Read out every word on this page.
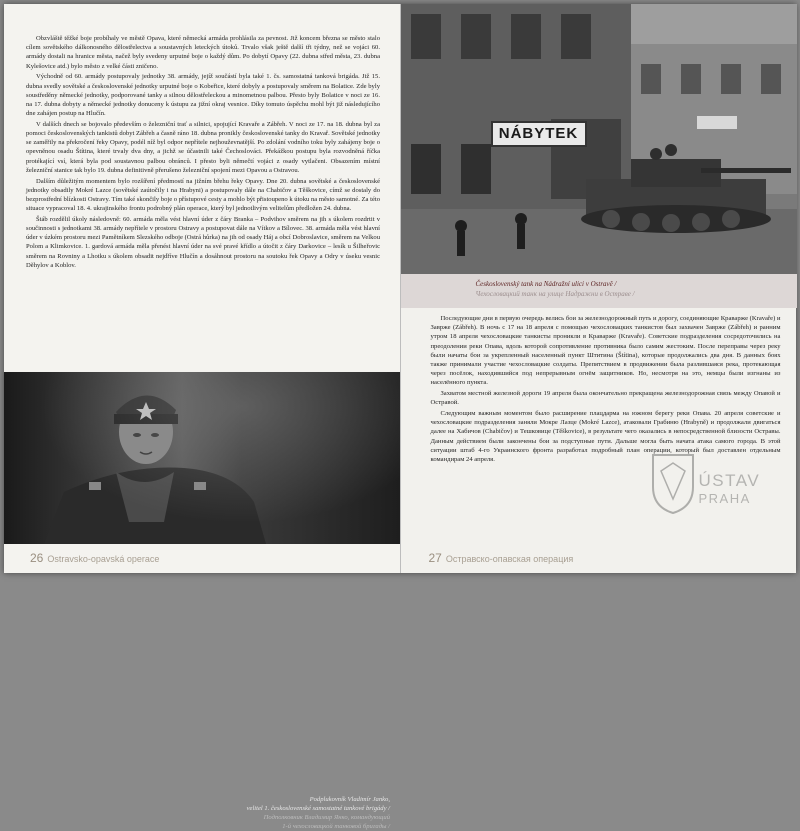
Obzvláště těžké boje probíhaly ve městě Opava, které německá armáda prohlásila za pevnost. Již koncem března se město stalo cílem sovětského dálkonosného dělostřelectva a soustavných leteckých útoků. Trvalo však ještě další tři týdny, než se vojáci 60. armády dostali na hranice města, načež byly svedeny urputné boje o každý dům. Po dobytí Opavy (22. dubna střed města, 23. dubna Kylešovice atd.) bylo město z velké části zničeno.

Východně od 60. armády postupovaly jednotky 38. armády, jejíž součástí byla také 1. čs. samostatná tanková brigáda. Již 15. dubna svedly sovětské a československé jednotky urputné boje o Kobeřice, které dobyly a postupovaly směrem na Bolatice. Zde byly soustředěny německé jednotky, podporované tanky a silnou dělostřeleckou a minometnou palbou. Přesto byly Bolatice v noci ze 16. na 17. dubna dobyty a německé jednotky donuceny k ústupu za jižní okraj vesnice. Díky tomuto úspěchu mohl být již následujícího dne zahájen postup na Hlučín.

V dalších dnech se bojovalo především o železniční trať a silnici, spojující Kravaře a Zábřeh. V noci ze 17. na 18. dubna byl za pomoci československých tankistů dobyt Zábřeh a časně ráno 18. dubna pronikly československé tanky do Kravař. Sovětské jednotky se zaměřily na překročení řeky Opavy, podél níž byl odpor nepřítele nejhouževnatější. Po zdolání vodního toku byly zahájeny boje o opevněnou osadu Štítina, které trvaly dva dny, a jichž se účastnili také Čechoslováci. Překážkou postupu byla rozvodněná říčka protékající vsí, která byla pod soustavnou palbou obránců. I přesto byli němečtí vojáci z osady vytlačeni. Obsazením místní železniční stanice tak bylo 19. dubna definitivně přerušeno železniční spojení mezi Opavou a Ostravou.

Dalším důležitým momentem bylo rozšíření předmostí na jižním břehu řeky Opavy. Dne 20. dubna sovětské a československé jednotky obsadily Mokré Lazce (sovětské zaútočily i na Hrabyni) a postupovaly dále na Chabičov a Těškovice, címž se dostaly do bezprostřední blízkosti Ostravy. Tím také skončily boje o přístupové cesty a mohlo být přistoupeno k útoku na město samotné. Za této situace vypracoval 18. 4. ukrajinského frontu podrobný plán operace, který byl jednotlivým velitelům předložen 24. dubna.

Štáb rozdělil úkoly následovně: 60. armáda měla vést hlavní úder z čáry Branka – Podvihov směrem na jih s úkolem rozdrtit v součinnosti s jednotkami 38. armády nepřítele v prostoru Ostravy a postupovat dále na Vítkov a Bílovec. 38. armáda měla vést hlavní úder v úzkém prostoru mezi Pamětníkem Slezského odboje (Ostrá hůrka) na jih od osady Háj a obcí Dobroslavice, směrem na Velkou Polom a Klimkovice. 1. gardová armáda měla přenést hlavní úder na své pravé křídlo a útočit z čáry Darkovice – lesík u Šilheřovic směrem na Rovniny a Lhotku s úkolem obsadit nejdříve Hlučín a dosáhnout prostoru na soutoku řek Opavy a Odry v úseku vesnic Děhylov a Koblov.

Podplukovník Vladimír Janko,
velitel 1. československé samostatné tankové brigády /
Подполковник Владимир Янко, командующий
1-й чехословацкой танковой бригады /
26 Ostravsko-opavská operace
NÁBYTEK
Československý tank na Nádražní ulici v Ostravě /
Чехословацкий танк на улице Надражни в Остраве /

Последующие дни в первую очередь велись бои за железнодорожный путь и дорогу, соединяющие Краварже (Kravaře) и Заврже (Zábřeh). В ночь с 17 на 18 апреля с помощью чехословацких танкистов был захвачен Заврже (Zábřeh) и ранним утром 18 апреля чехословацкие танкисты проникли в Кравaржe (Kravaře). Советские подразделения сосредоточились на преодолении реки Опава, вдоль которой сопротивление противника было самим жестоким. После переправы через реку были начаты бои за укрепленный населенный пункт Штитина (Štítina), которые продолжались два дня. В данных боях также принимали участие чехословацкие солдаты. Препятствием в продвижении была разлившаяся река, протекающая через посёлок, находившийся под непрерывным огнём защитников. Но, несмотря на это, немцы были изгнаны из населённого пункта.

Захватом местной железной дороги 19 апреля была окончательно прекращена железнодорожная связь между Опавой и Остравой.

Следующим важным моментом было расширение плацдарма на южном берегу реки Опава. 20 апреля советские и чехословацкие подразделения заняли Мокре Лазце (Mokré Lazce), атаковали Грабиню (Hrabyně) и продолжали двигаться далее на Хабичов (Chabičov) и Тешковице (Těškovice), в результате чего оказались в непосредственной близости Остравы. Данным действием были закончены бои за подступные пути. Дальше могла быть начата атака самого города. В этой ситуации штаб 4-го Украинского фронта разработал подробный план операции, который был доставлен отдельным командирам 24 апреля.

ÚSTAV
PRAHA
27 Остравско-опавская операция
